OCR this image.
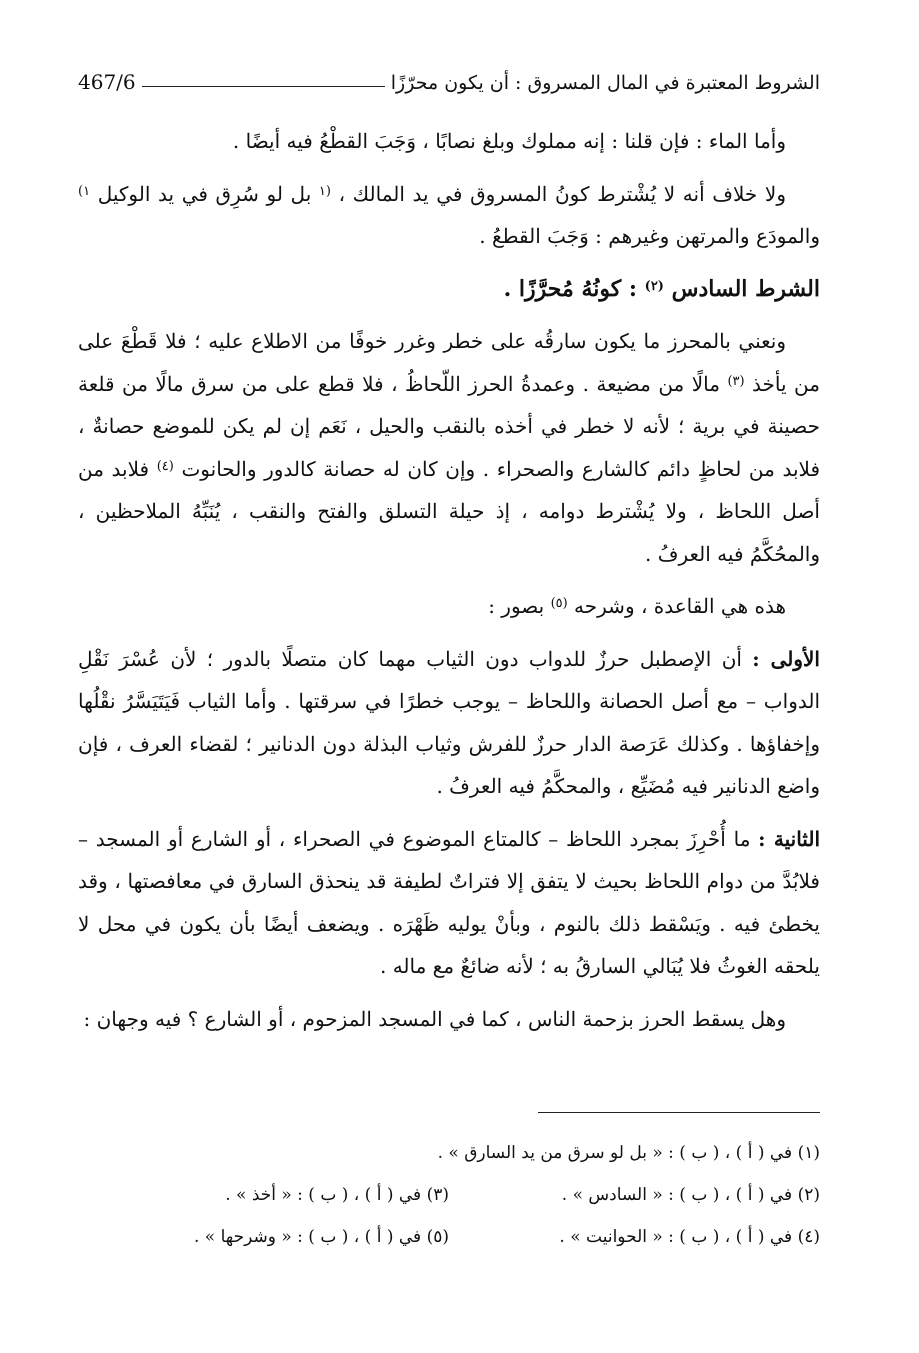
الشروط المعتبرة في المال المسروق : أن يكون محرّزًا
467/6

وأما الماء : فإن قلنا : إنه مملوك وبلغ نصابًا ، وَجَبَ القطْعُ فيه أيضًا .

ولا خلاف أنه لا يُشْترط كونُ المسروق في يد المالك ، $^{(١}$ بل لو سُرِق في يد الوكيل $^{١)}$ والمودَع والمرتهن وغيرهم : وَجَبَ القطعُ .

الشرط السادس $^{(٢)}$ : كونُهُ مُحرَّزًا .

ونعني بالمحرز ما يكون سارقُه على خطر وغرر خوفًا من الاطلاع عليه ؛ فلا قَطْعَ على من يأخذ $^{(٣)}$ مالًا من مضيعة . وعمدةُ الحرز اللّحاظُ ، فلا قطع على من سرق مالًا من قلعة حصينة في برية ؛ لأنه لا خطر في أخذه بالنقب والحيل ، نَعَم إن لم يكن للموضع حصانةٌ ، فلابد من لحاظٍ دائم كالشارع والصحراء . وإن كان له حصانة كالدور والحانوت $^{(٤)}$ فلابد من أصل اللحاظ ، ولا يُشْترط دوامه ، إذ حيلة التسلق والفتح والنقب ، يُنَبِّهُ الملاحظين ، والمحُكَّمُ فيه العرفُ .

هذه هي القاعدة ، وشرحه $^{(٥)}$ بصور :

الأولى : أن الإصطبل حرزٌ للدواب دون الثياب مهما كان متصلًا بالدور ؛ لأن عُسْرَ نَقْلِ الدواب – مع أصل الحصانة واللحاظ – يوجب خطرًا في سرقتها . وأما الثياب فَيَتَيَسَّرُ نقْلُها وإخفاؤها . وكذلك عَرَصة الدار حرزٌ للفرش وثياب البذلة دون الدنانير ؛ لقضاء العرف ، فإن واضع الدنانير فيه مُضَيِّع ، والمحكَّمُ فيه العرفُ .

الثانية : ما أُحْرِزَ بمجرد اللحاظ – كالمتاع الموضوع في الصحراء ، أو الشارع أو المسجد – فلابُدَّ من دوام اللحاظ بحيث لا يتفق إلا فتراتٌ لطيفة قد ينحذق السارق في معافصتها ، وقد يخطئ فيه . ويَسْقط ذلك بالنوم ، وبأنْ يوليه ظَهْرَه . ويضعف أيضًا بأن يكون في محل لا يلحقه الغوثُ فلا يُبَالي السارقُ به ؛ لأنه ضائعٌ مع ماله .

وهل يسقط الحرز بزحمة الناس ، كما في المسجد المزحوم ، أو الشارع ؟ فيه وجهان :

(١) في ( أ ) ، ( ب ) : « بل لو سرق من يد السارق » .
(٢) في ( أ ) ، ( ب ) : « السادس » .
(٣) في ( أ ) ، ( ب ) : « أخذ » .
(٤) في ( أ ) ، ( ب ) : « الحوانيت » .
(٥) في ( أ ) ، ( ب ) : « وشرحها » .
